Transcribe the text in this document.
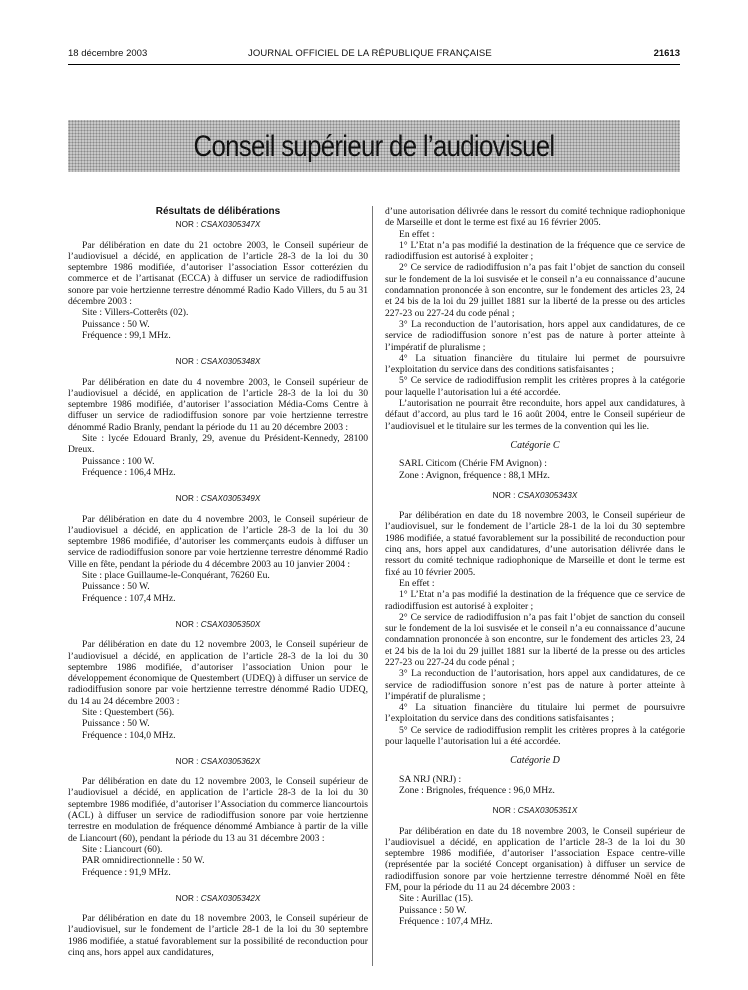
18 décembre 2003	JOURNAL OFFICIEL DE LA RÉPUBLIQUE FRANÇAISE	21613
Conseil supérieur de l’audiovisuel
Résultats de délibérations
NOR : CSAX0305347X

Par délibération en date du 21 octobre 2003, le Conseil supérieur de l’audiovisuel a décidé, en application de l’article 28-3 de la loi du 30 septembre 1986 modifiée, d’autoriser l’association Essor cotterézien du commerce et de l’artisanat (ECCA) à diffuser un service de radiodiffusion sonore par voie hertzienne terrestre dénommé Radio Kado Villers, du 5 au 31 décembre 2003 :

Site : Villers-Cotterêts (02).

Puissance : 50 W.

Fréquence : 99,1 MHz.

NOR : CSAX0305348X

Par délibération en date du 4 novembre 2003, le Conseil supérieur de l’audiovisuel a décidé, en application de l’article 28-3 de la loi du 30 septembre 1986 modifiée, d’autoriser l’association Média-Coms Centre à diffuser un service de radiodiffusion sonore par voie hertzienne terrestre dénommé Radio Branly, pendant la période du 11 au 20 décembre 2003 :

Site : lycée Edouard Branly, 29, avenue du Président-Kennedy, 28100 Dreux.

Puissance : 100 W.

Fréquence : 106,4 MHz.

NOR : CSAX0305349X

Par délibération en date du 4 novembre 2003, le Conseil supérieur de l’audiovisuel a décidé, en application de l’article 28-3 de la loi du 30 septembre 1986 modifiée, d’autoriser les commerçants eudois à diffuser un service de radiodiffusion sonore par voie hertzienne terrestre dénommé Radio Ville en fête, pendant la période du 4 décembre 2003 au 10 janvier 2004 :

Site : place Guillaume-le-Conquérant, 76260 Eu.

Puissance : 50 W.

Fréquence : 107,4 MHz.

NOR : CSAX0305350X

Par délibération en date du 12 novembre 2003, le Conseil supérieur de l’audiovisuel a décidé, en application de l’article 28-3 de la loi du 30 septembre 1986 modifiée, d’autoriser l’association Union pour le développement économique de Questembert (UDEQ) à diffuser un service de radiodiffusion sonore par voie hertzienne terrestre dénommé Radio UDEQ, du 14 au 24 décembre 2003 :

Site : Questembert (56).

Puissance : 50 W.

Fréquence : 104,0 MHz.

NOR : CSAX0305362X

Par délibération en date du 12 novembre 2003, le Conseil supérieur de l’audiovisuel a décidé, en application de l’article 28-3 de la loi du 30 septembre 1986 modifiée, d’autoriser l’Association du commerce liancourtois (ACL) à diffuser un service de radiodiffusion sonore par voie hertzienne terrestre en modulation de fréquence dénommé Ambiance à partir de la ville de Liancourt (60), pendant la période du 13 au 31 décembre 2003 :

Site : Liancourt (60).

PAR omnidirectionnelle : 50 W.

Fréquence : 91,9 MHz.

NOR : CSAX0305342X

Par délibération en date du 18 novembre 2003, le Conseil supérieur de l’audiovisuel, sur le fondement de l’article 28-1 de la loi du 30 septembre 1986 modifiée, a statué favorablement sur la possibilité de reconduction pour cinq ans, hors appel aux candidatures,

d’une autorisation délivrée dans le ressort du comité technique radiophonique de Marseille et dont le terme est fixé au 16 février 2005.

En effet :

1° L’Etat n’a pas modifié la destination de la fréquence que ce service de radiodiffusion est autorisé à exploiter ;

2° Ce service de radiodiffusion n’a pas fait l’objet de sanction du conseil sur le fondement de la loi susvisée et le conseil n’a eu connaissance d’aucune condamnation prononcée à son encontre, sur le fondement des articles 23, 24 et 24 bis de la loi du 29 juillet 1881 sur la liberté de la presse ou des articles 227-23 ou 227-24 du code pénal ;

3° La reconduction de l’autorisation, hors appel aux candidatures, de ce service de radiodiffusion sonore n’est pas de nature à porter atteinte à l’impératif de pluralisme ;

4° La situation financière du titulaire lui permet de poursuivre l’exploitation du service dans des conditions satisfaisantes ;

5° Ce service de radiodiffusion remplit les critères propres à la catégorie pour laquelle l’autorisation lui a été accordée.

L’autorisation ne pourrait être reconduite, hors appel aux candidatures, à défaut d’accord, au plus tard le 16 août 2004, entre le Conseil supérieur de l’audiovisuel et le titulaire sur les termes de la convention qui les lie.

Catégorie C

SARL Citicom (Chérie FM Avignon) :

Zone : Avignon, fréquence : 88,1 MHz.

NOR : CSAX0305343X

Par délibération en date du 18 novembre 2003, le Conseil supérieur de l’audiovisuel, sur le fondement de l’article 28-1 de la loi du 30 septembre 1986 modifiée, a statué favorablement sur la possibilité de reconduction pour cinq ans, hors appel aux candidatures, d’une autorisation délivrée dans le ressort du comité technique radiophonique de Marseille et dont le terme est fixé au 10 février 2005.

En effet :

1° L’Etat n’a pas modifié la destination de la fréquence que ce service de radiodiffusion est autorisé à exploiter ;

2° Ce service de radiodiffusion n’a pas fait l’objet de sanction du conseil sur le fondement de la loi susvisée et le conseil n’a eu connaissance d’aucune condamnation prononcée à son encontre, sur le fondement des articles 23, 24 et 24 bis de la loi du 29 juillet 1881 sur la liberté de la presse ou des articles 227-23 ou 227-24 du code pénal ;

3° La reconduction de l’autorisation, hors appel aux candidatures, de ce service de radiodiffusion sonore n’est pas de nature à porter atteinte à l’impératif de pluralisme ;

4° La situation financière du titulaire lui permet de poursuivre l’exploitation du service dans des conditions satisfaisantes ;

5° Ce service de radiodiffusion remplit les critères propres à la catégorie pour laquelle l’autorisation lui a été accordée.

Catégorie D

SA NRJ (NRJ) :

Zone : Brignoles, fréquence : 96,0 MHz.

NOR : CSAX0305351X

Par délibération en date du 18 novembre 2003, le Conseil supérieur de l’audiovisuel a décidé, en application de l’article 28-3 de la loi du 30 septembre 1986 modifiée, d’autoriser l’association Espace centre-ville (représentée par la société Concept organisation) à diffuser un service de radiodiffusion sonore par voie hertzienne terrestre dénommé Noël en fête FM, pour la période du 11 au 24 décembre 2003 :

Site : Aurillac (15).

Puissance : 50 W.

Fréquence : 107,4 MHz.
